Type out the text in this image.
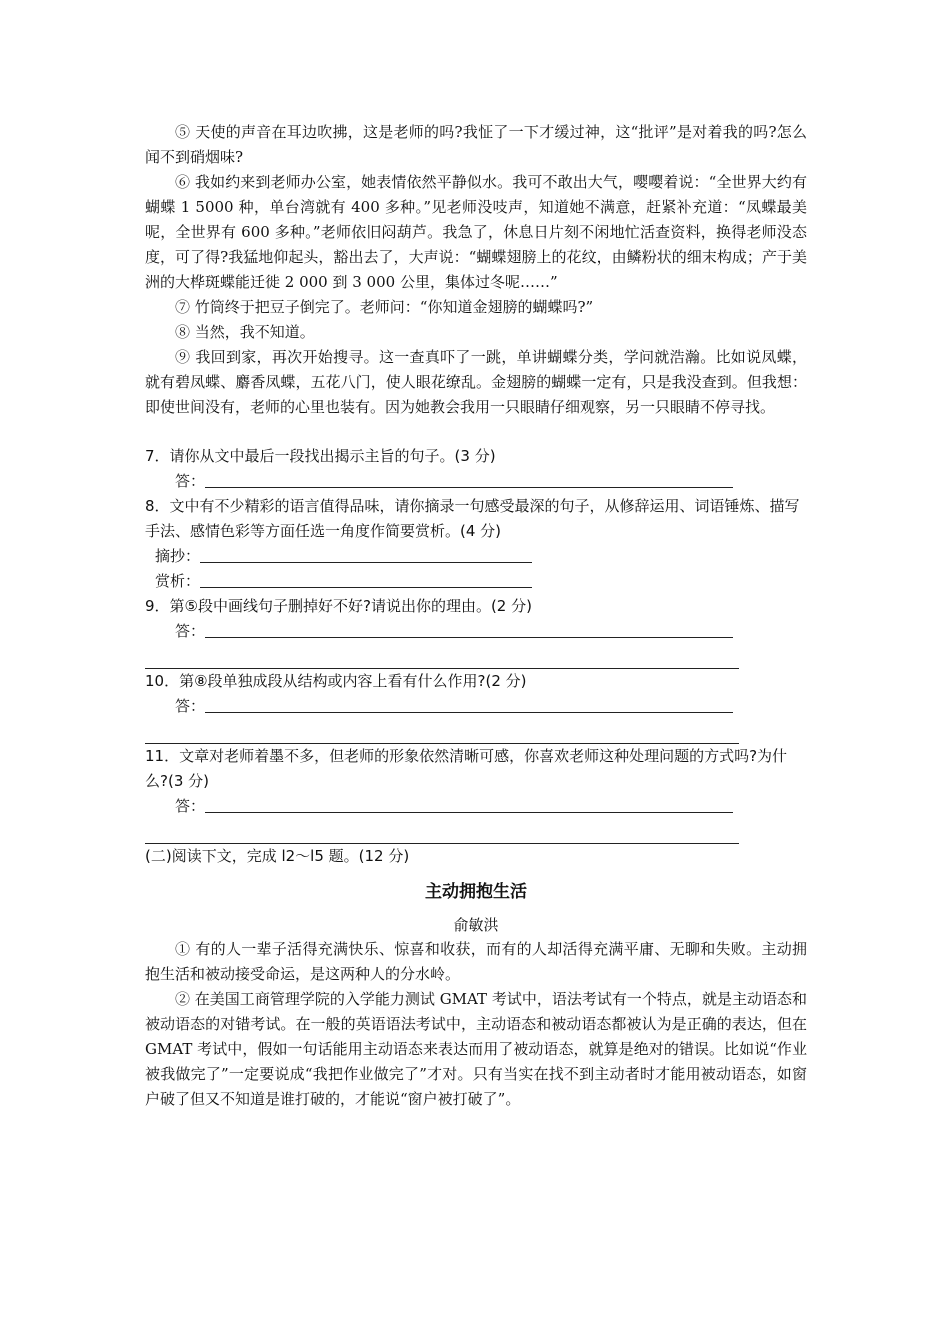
⑤ 天使的声音在耳边吹拂，这是老师的吗?我怔了一下才缓过神，这“批评”是对着我的吗?怎么闻不到硝烟味?

⑥ 我如约来到老师办公室，她表情依然平静似水。我可不敢出大气，嘤嘤着说：“全世界大约有蝴蝶 1 5000 种，单台湾就有 400 多种。”见老师没吱声，知道她不满意，赶紧补充道：“凤蝶最美呢，全世界有 600 多种。”老师依旧闷葫芦。我急了，休息日片刻不闲地忙活查资料，换得老师没态度，可了得?我猛地仰起头，豁出去了，大声说：“蝴蝶翅膀上的花纹，由鳞粉状的细末构成；产于美洲的大桦斑蝶能迁徙 2 000 到 3 000 公里，集体过冬呢……”

⑦ 竹筒终于把豆子倒完了。老师问：“你知道金翅膀的蝴蝶吗?”

⑧ 当然，我不知道。

⑨ 我回到家，再次开始搜寻。这一查真吓了一跳，单讲蝴蝶分类，学问就浩瀚。比如说凤蝶，就有碧凤蝶、麝香凤蝶，五花八门，使人眼花缭乱。金翅膀的蝴蝶一定有，只是我没查到。但我想：即使世间没有，老师的心里也装有。因为她教会我用一只眼睛仔细观察，另一只眼睛不停寻找。

7．请你从文中最后一段找出揭示主旨的句子。(3 分)

答：

8．文中有不少精彩的语言值得品味，请你摘录一句感受最深的句子，从修辞运用、词语锤炼、描写手法、感情色彩等方面任选一角度作简要赏析。(4 分)

摘抄：
赏析：

9．第⑤段中画线句子删掉好不好?请说出你的理由。(2 分)

答：

10．第⑧段单独成段从结构或内容上看有什么作用?(2 分)

答：

11．文章对老师着墨不多，但老师的形象依然清晰可感，你喜欢老师这种处理问题的方式吗?为什么?(3 分)

答：

(二)阅读下文，完成 l2～l5 题。(12 分)

主动拥抱生活
俞敏洪

① 有的人一辈子活得充满快乐、惊喜和收获，而有的人却活得充满平庸、无聊和失败。主动拥抱生活和被动接受命运，是这两种人的分水岭。

② 在美国工商管理学院的入学能力测试 GMAT 考试中，语法考试有一个特点，就是主动语态和被动语态的对错考试。在一般的英语语法考试中，主动语态和被动语态都被认为是正确的表达，但在 GMAT 考试中，假如一句话能用主动语态来表达而用了被动语态，就算是绝对的错误。比如说“作业被我做完了”一定要说成“我把作业做完了”才对。只有当实在找不到主动者时才能用被动语态，如窗户破了但又不知道是谁打破的，才能说“窗户被打破了”。
